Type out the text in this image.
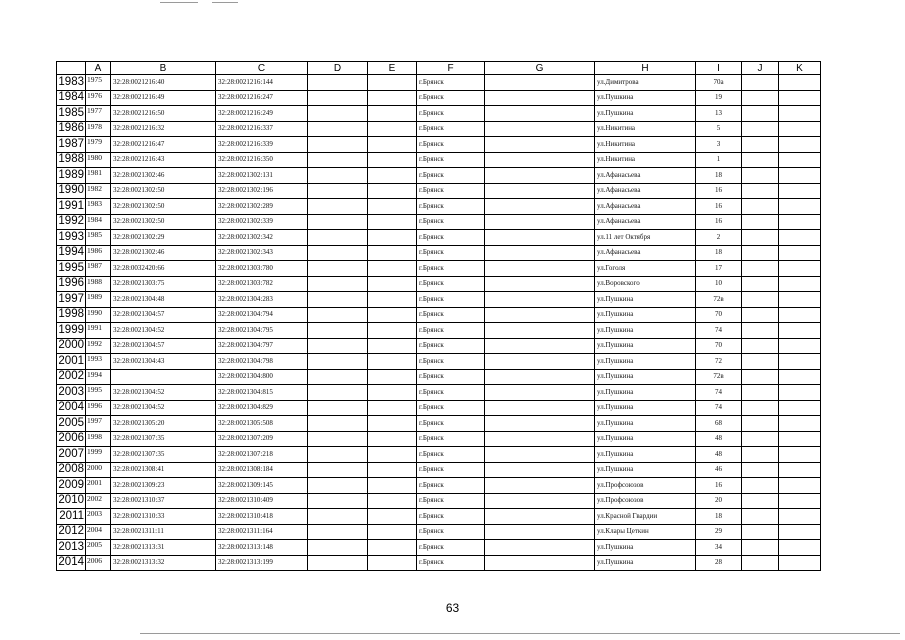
	A	B	C	D	E	F	G	H	I	J	K	
1983	1975	32:28:0021216:40	32:28:0021216:144			г.Брянск		ул.Димитрова	70а			
1984	1976	32:28:0021216:49	32:28:0021216:247			г.Брянск		ул.Пушкина	19			
1985	1977	32:28:0021216:50	32:28:0021216:249			г.Брянск		ул.Пушкина	13			
1986	1978	32:28:0021216:32	32:28:0021216:337			г.Брянск		ул.Никитина	5			
1987	1979	32:28:0021216:47	32:28:0021216:339			г.Брянск		ул.Никитина	3			
1988	1980	32:28:0021216:43	32:28:0021216:350			г.Брянск		ул.Никитина	1			
1989	1981	32:28:0021302:46	32:28:0021302:131			г.Брянск		ул.Афанасьева	18			
1990	1982	32:28:0021302:50	32:28:0021302:196			г.Брянск		ул.Афанасьева	16			
1991	1983	32:28:0021302:50	32:28:0021302:289			г.Брянск		ул.Афанасьева	16			
1992	1984	32:28:0021302:50	32:28:0021302:339			г.Брянск		ул.Афанасьева	16			
1993	1985	32:28:0021302:29	32:28:0021302:342			г.Брянск		ул.11 лет Октября	2			
1994	1986	32:28:0021302:46	32:28:0021302:343			г.Брянск		ул.Афанасьева	18			
1995	1987	32:28:0032420:66	32:28:0021303:780			г.Брянск		ул.Гоголя	17			
1996	1988	32:28:0021303:75	32:28:0021303:782			г.Брянск		ул.Воровского	10			
1997	1989	32:28:0021304:48	32:28:0021304:283			г.Брянск		ул.Пушкина	72в			
1998	1990	32:28:0021304:57	32:28:0021304:794			г.Брянск		ул.Пушкина	70			
1999	1991	32:28:0021304:52	32:28:0021304:795			г.Брянск		ул.Пушкина	74			
2000	1992	32:28:0021304:57	32:28:0021304:797			г.Брянск		ул.Пушкина	70			
2001	1993	32:28:0021304:43	32:28:0021304:798			г.Брянск		ул.Пушкина	72			
2002	1994		32:28:0021304:800			г.Брянск		ул.Пушкина	72в			
2003	1995	32:28:0021304:52	32:28:0021304:815			г.Брянск		ул.Пушкина	74			
2004	1996	32:28:0021304:52	32:28:0021304:829			г.Брянск		ул.Пушкина	74			
2005	1997	32:28:0021305:20	32:28:0021305:508			г.Брянск		ул.Пушкина	68			
2006	1998	32:28:0021307:35	32:28:0021307:209			г.Брянск		ул.Пушкина	48			
2007	1999	32:28:0021307:35	32:28:0021307:218			г.Брянск		ул.Пушкина	48			
2008	2000	32:28:0021308:41	32:28:0021308:184			г.Брянск		ул.Пушкина	46			
2009	2001	32:28:0021309:23	32:28:0021309:145			г.Брянск		ул.Профсоюзов	16			
2010	2002	32:28:0021310:37	32:28:0021310:409			г.Брянск		ул.Профсоюзов	20			
2011	2003	32:28:0021310:33	32:28:0021310:418			г.Брянск		ул.Красной Гвардии	18			
2012	2004	32:28:0021311:11	32:28:0021311:164			г.Брянск		ул.Клары Цеткин	29			
2013	2005	32:28:0021313:31	32:28:0021313:148			г.Брянск		ул.Пушкина	34			
2014	2006	32:28:0021313:32	32:28:0021313:199			г.Брянск		ул.Пушкина	28			
63
